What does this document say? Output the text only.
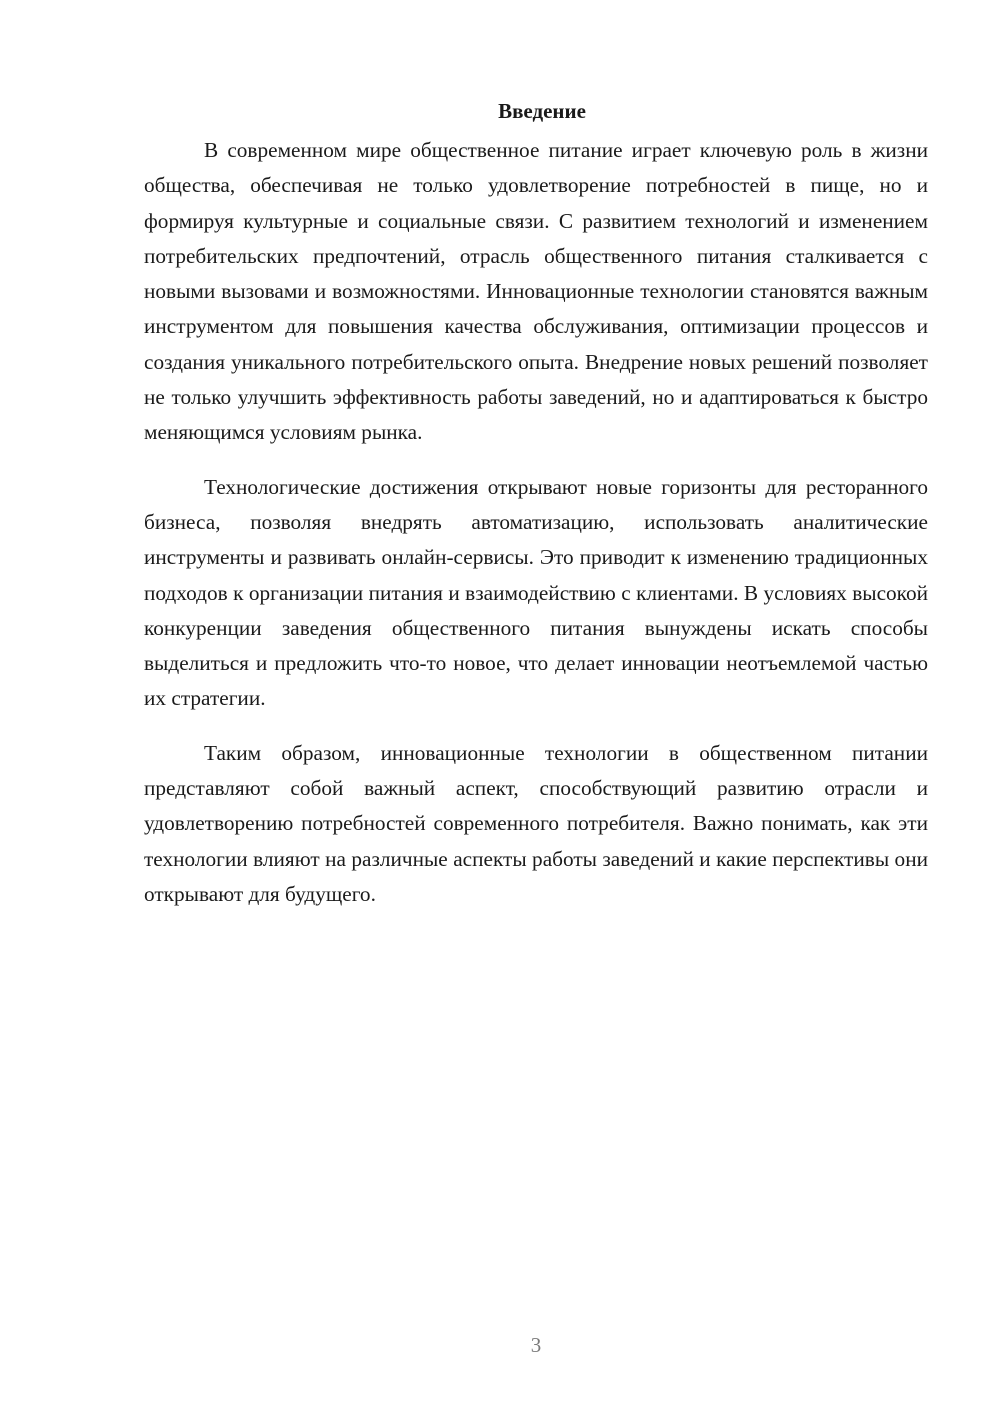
Введение

В современном мире общественное питание играет ключевую роль в жизни общества, обеспечивая не только удовлетворение потребностей в пище, но и формируя культурные и социальные связи. С развитием технологий и изменением потребительских предпочтений, отрасль общественного питания сталкивается с новыми вызовами и возможностями. Инновационные технологии становятся важным инструментом для повышения качества обслуживания, оптимизации процессов и создания уникального потребительского опыта. Внедрение новых решений позволяет не только улучшить эффективность работы заведений, но и адаптироваться к быстро меняющимся условиям рынка.

Технологические достижения открывают новые горизонты для ресторанного бизнеса, позволяя внедрять автоматизацию, использовать аналитические инструменты и развивать онлайн-сервисы. Это приводит к изменению традиционных подходов к организации питания и взаимодействию с клиентами. В условиях высокой конкуренции заведения общественного питания вынуждены искать способы выделиться и предложить что-то новое, что делает инновации неотъемлемой частью их стратегии.

Таким образом, инновационные технологии в общественном питании представляют собой важный аспект, способствующий развитию отрасли и удовлетворению потребностей современного потребителя. Важно понимать, как эти технологии влияют на различные аспекты работы заведений и какие перспективы они открывают для будущего.

3
